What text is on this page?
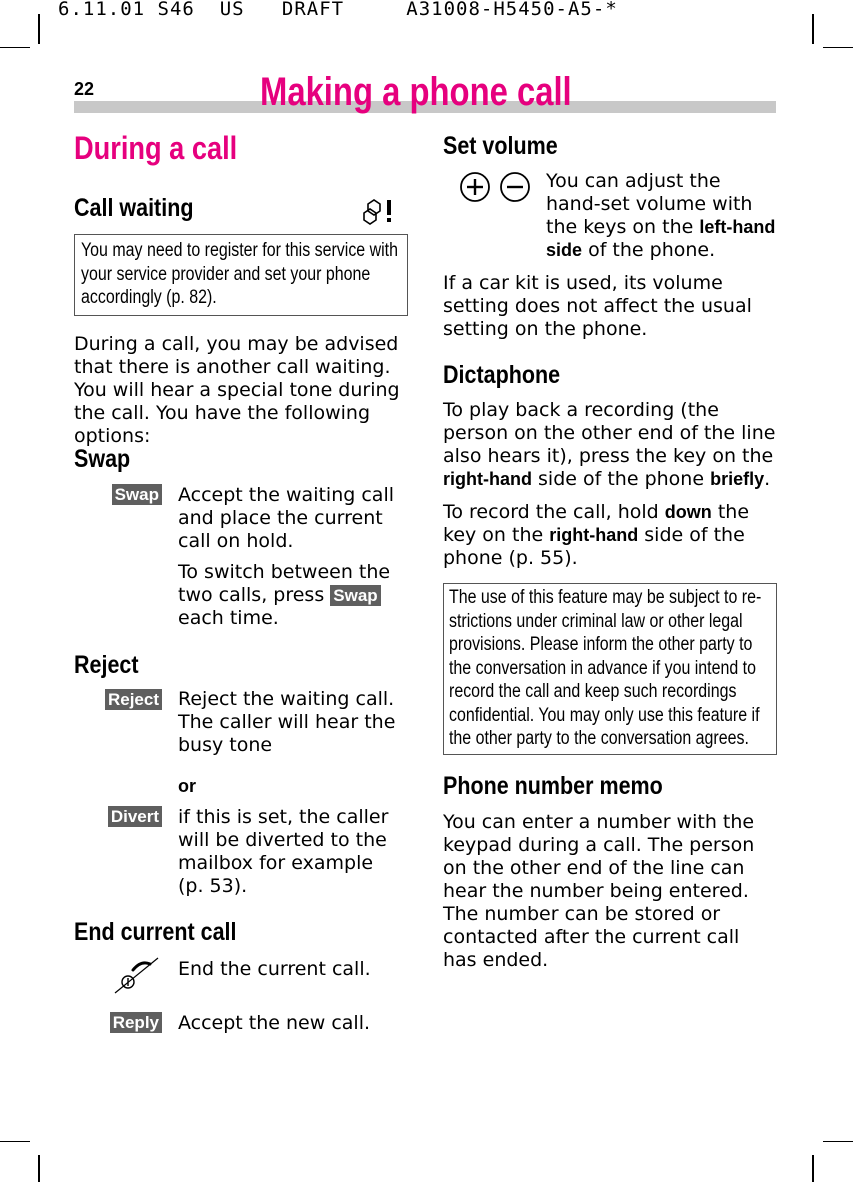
6.11.01 S46  US   DRAFT     A31008-H5450-A5-*
22	Making a phone call
During a call
Call waiting
You may need to register for this service with your service provider and set your phone accordingly (p. 82).
During a call, you may be advised that there is another call waiting. You will hear a special tone during the call. You have the following options:
Swap
Swap Accept the waiting call and place the current call on hold.
To switch between the two calls, press Swap each time.
Reject
Reject Reject the waiting call. The caller will hear the busy tone
or
Divert if this is set, the caller will be diverted to the mailbox for example (p. 53).
End current call
End the current call.
Reply Accept the new call.
Set volume
You can adjust the hand-set volume with the keys on the left-hand side of the phone.
If a car kit is used, its volume setting does not affect the usual setting on the phone.
Dictaphone
To play back a recording (the person on the other end of the line also hears it), press the key on the right-hand side of the phone briefly.
To record the call, hold down the key on the right-hand side of the phone (p. 55).
The use of this feature may be subject to re-strictions under criminal law or other legal provisions. Please inform the other party to the conversation in advance if you intend to record the call and keep such recordings confidential. You may only use this feature if the other party to the conversation agrees.
Phone number memo
You can enter a number with the keypad during a call. The person on the other end of the line can hear the number being entered. The number can be stored or contacted after the current call has ended.
